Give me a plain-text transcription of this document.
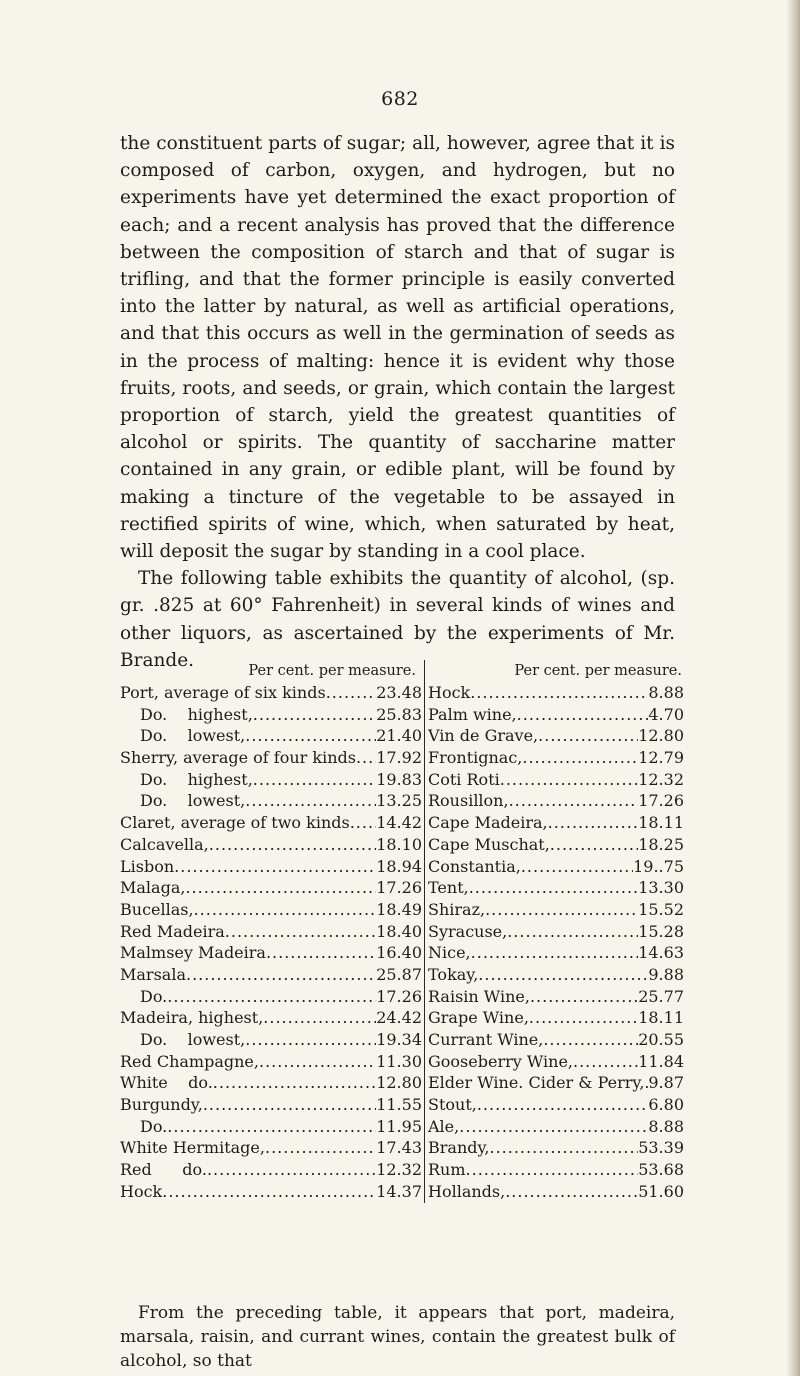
682

the constituent parts of sugar; all, however, agree that it is composed of carbon, oxygen, and hydrogen, but no experiments have yet determined the exact proportion of each; and a recent analysis has proved that the difference between the composition of starch and that of sugar is trifling, and that the former principle is easily converted into the latter by natural, as well as artificial operations, and that this occurs as well in the germination of seeds as in the process of malting: hence it is evident why those fruits, roots, and seeds, or grain, which contain the largest proportion of starch, yield the greatest quantities of alcohol or spirits. The quantity of saccharine matter contained in any grain, or edible plant, will be found by making a tincture of the vegetable to be assayed in rectified spirits of wine, which, when saturated by heat, will deposit the sugar by standing in a cool place.

The following table exhibits the quantity of alcohol, (sp. gr. .825 at 60° Fahrenheit) in several kinds of wines and other liquors, as ascertained by the experiments of Mr. Brande.

Per cent. per measure.
Port, average of six kinds .....	23.48
Do.    highest, .....	25.83
Do.    lowest, .....	21.40
Sherry, average of four kinds ..... 17.92
Do.    highest, .....	19.83
Do.    lowest, .....	13.25
Claret, average of two kinds ..... 14.42
Calcavella, .....	18.10
Lisbon .....	18.94
Malaga, .....	17.26
Bucellas, .....	18.49
Red Madeira .....	18.40
Malmsey Madeira .....	16.40
Marsala .....	25.87
Do. .....	17.26
Madeira, highest, .....	24.42
Do.    lowest, .....	19.34
Red Champagne, .....	11.30
White    do. .....	12.80
Burgundy, .....	11.55
Do. .....	11.95
White Hermitage, .....	17.43
Red      do. .....	12.32
Hock .....	14.37
Per cent. per measure.
Hock .....	8.88
Palm wine, .....	4.70
Vin de Grave, .....	12.80
Frontignac, .....	12.79
Coti Roti .....	12.32
Rousillon, .....	17.26
Cape Madeira, .....	18.11
Cape Muschat, .....	18.25
Constantia, .....	19..75
Tent, .....	13.30
Shiraz, .....	15.52
Syracuse, .....	15.28
Nice, .....	14.63
Tokay, .....	9.88
Raisin Wine, .....	25.77
Grape Wine, .....	18.11
Currant Wine, .....	20.55
Gooseberry Wine, .....	11.84
Elder Wine. Cider & Perry, ..... 9.87
Stout, .....	6.80
Ale, .....	8.88
Brandy, .....	53.39
Rum .....	53.68
Hollands, .....	51.60

From the preceding table, it appears that port, madeira, marsala, raisin, and currant wines, contain the greatest bulk of alcohol, so that
